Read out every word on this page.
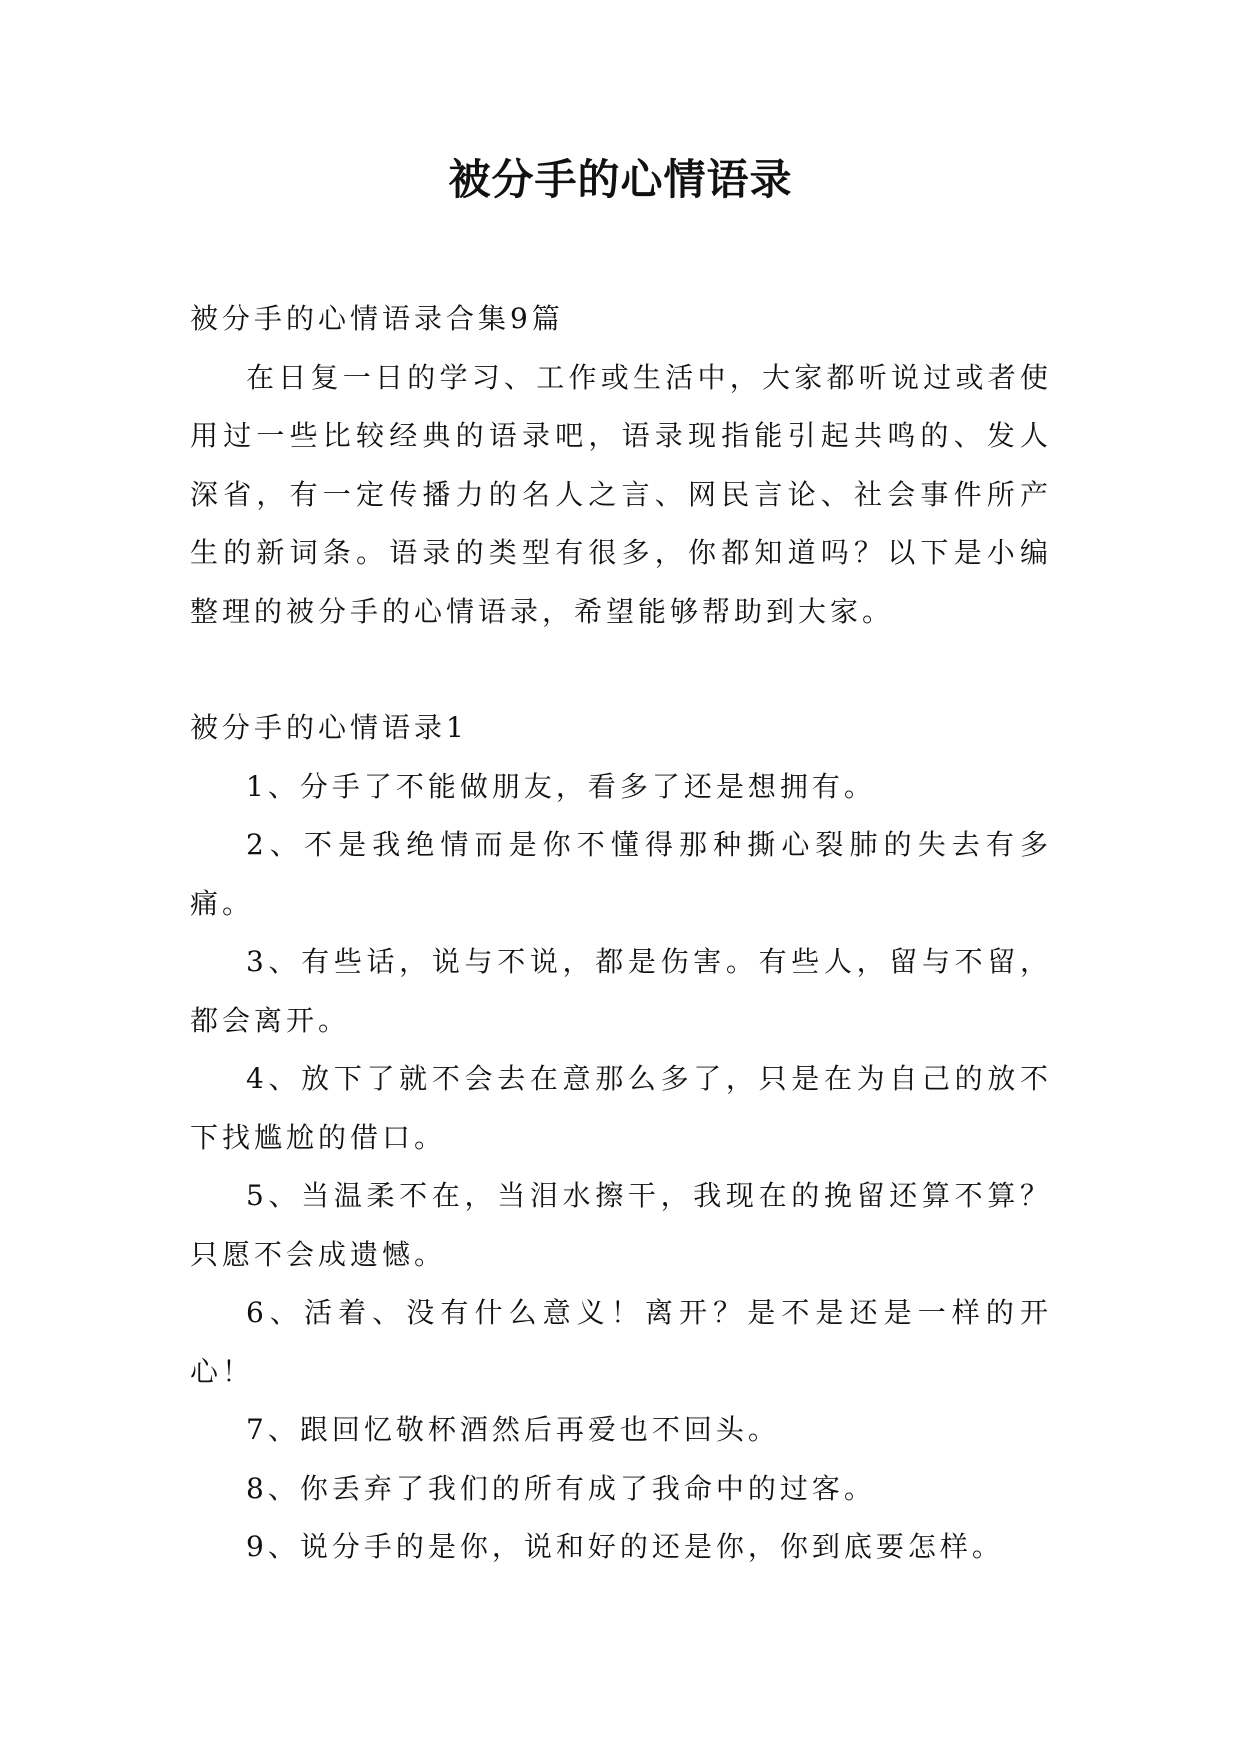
被分手的心情语录

被分手的心情语录合集9篇

在日复一日的学习、工作或生活中，大家都听说过或者使用过一些比较经典的语录吧，语录现指能引起共鸣的、发人深省，有一定传播力的名人之言、网民言论、社会事件所产生的新词条。语录的类型有很多，你都知道吗？以下是小编整理的被分手的心情语录，希望能够帮助到大家。

被分手的心情语录1

1、分手了不能做朋友，看多了还是想拥有。

2、不是我绝情而是你不懂得那种撕心裂肺的失去有多痛。

3、有些话，说与不说，都是伤害。有些人，留与不留，都会离开。

4、放下了就不会去在意那么多了，只是在为自己的放不下找尴尬的借口。

5、当温柔不在，当泪水擦干，我现在的挽留还算不算？只愿不会成遗憾。

6、活着、没有什么意义！离开？是不是还是一样的开心！

7、跟回忆敬杯酒然后再爱也不回头。

8、你丢弃了我们的所有成了我命中的过客。

9、说分手的是你，说和好的还是你，你到底要怎样。
